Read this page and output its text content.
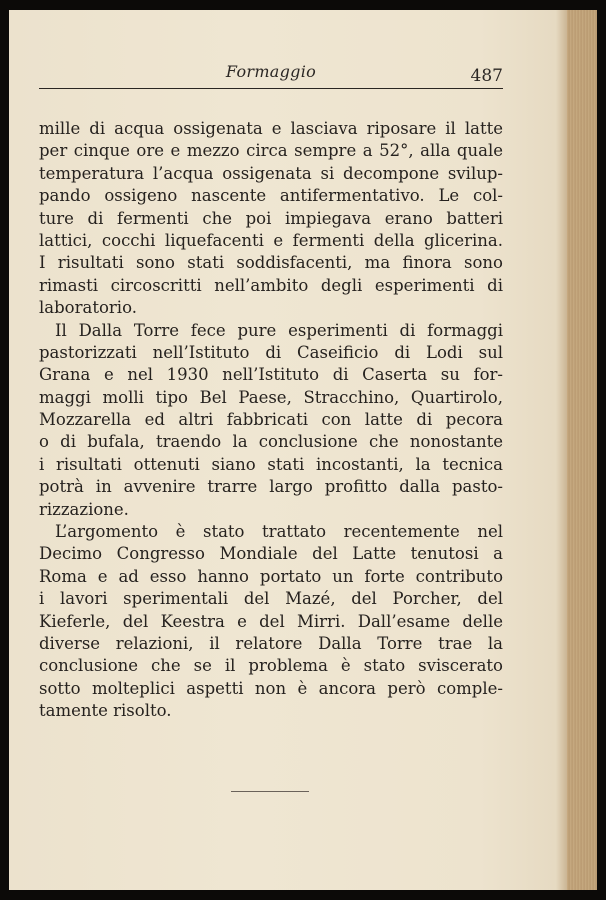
Formaggio	487
mille di acqua ossigenata e lasciava riposare il latte
per cinque ore e mezzo circa sempre a 52°, alla quale
temperatura l’acqua ossigenata si decompone svilup-
pando ossigeno nascente antifermentativo. Le col-
ture di fermenti che poi impiegava erano batteri
lattici, cocchi liquefacenti e fermenti della glicerina.
I risultati sono stati soddisfacenti, ma finora sono
rimasti circoscritti nell’ambito degli esperimenti di
laboratorio.
Il Dalla Torre fece pure esperimenti di formaggi
pastorizzati nell’Istituto di Caseificio di Lodi sul
Grana e nel 1930 nell’Istituto di Caserta su for-
maggi molli tipo Bel Paese, Stracchino, Quartirolo,
Mozzarella ed altri fabbricati con latte di pecora
o di bufala, traendo la conclusione che nonostante
i risultati ottenuti siano stati incostanti, la tecnica
potrà in avvenire trarre largo profitto dalla pasto-
rizzazione.
L’argomento è stato trattato recentemente nel
Decimo Congresso Mondiale del Latte tenutosi a
Roma e ad esso hanno portato un forte contributo
i lavori sperimentali del Mazé, del Porcher, del
Kieferle, del Keestra e del Mirri. Dall’esame delle
diverse relazioni, il relatore Dalla Torre trae la
conclusione che se il problema è stato sviscerato
sotto molteplici aspetti non è ancora però comple-
tamente risolto.
